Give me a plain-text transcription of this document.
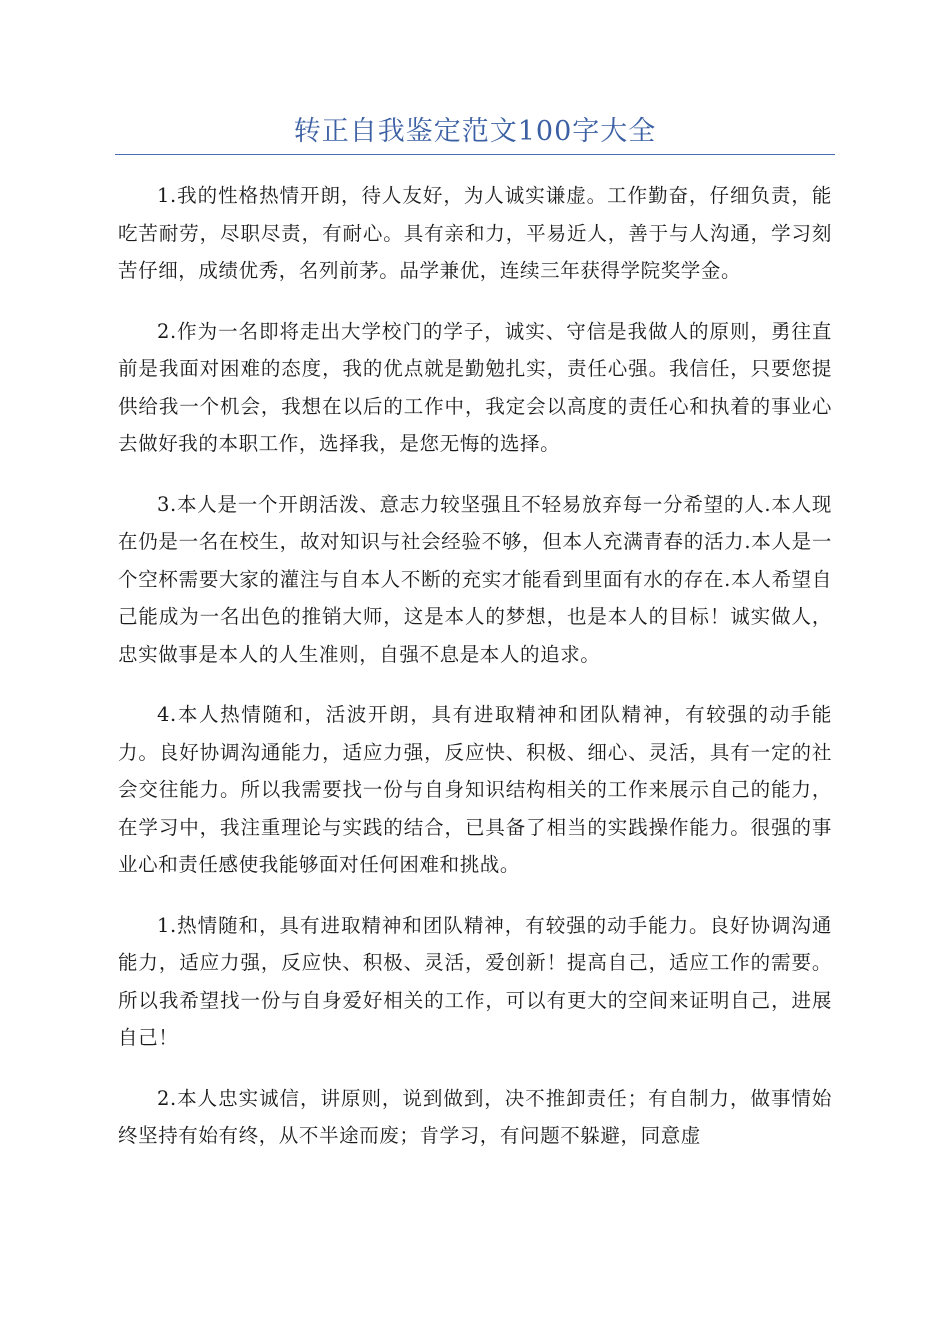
转正自我鉴定范文100字大全

1.我的性格热情开朗，待人友好，为人诚实谦虚。工作勤奋，仔细负责，能吃苦耐劳，尽职尽责，有耐心。具有亲和力，平易近人，善于与人沟通，学习刻苦仔细，成绩优秀，名列前茅。品学兼优，连续三年获得学院奖学金。

2.作为一名即将走出大学校门的学子，诚实、守信是我做人的原则，勇往直前是我面对困难的态度，我的优点就是勤勉扎实，责任心强。我信任，只要您提供给我一个机会，我想在以后的工作中，我定会以高度的责任心和执着的事业心去做好我的本职工作，选择我，是您无悔的选择。

3.本人是一个开朗活泼、意志力较坚强且不轻易放弃每一分希望的人.本人现在仍是一名在校生，故对知识与社会经验不够，但本人充满青春的活力.本人是一个空杯需要大家的灌注与自本人不断的充实才能看到里面有水的存在.本人希望自己能成为一名出色的推销大师，这是本人的梦想，也是本人的目标！诚实做人，忠实做事是本人的人生准则，自强不息是本人的追求。

4.本人热情随和，活波开朗，具有进取精神和团队精神，有较强的动手能力。良好协调沟通能力，适应力强，反应快、积极、细心、灵活，具有一定的社会交往能力。所以我需要找一份与自身知识结构相关的工作来展示自己的能力，在学习中，我注重理论与实践的结合，已具备了相当的实践操作能力。很强的事业心和责任感使我能够面对任何困难和挑战。

1.热情随和，具有进取精神和团队精神，有较强的动手能力。良好协调沟通能力，适应力强，反应快、积极、灵活，爱创新！提高自己，适应工作的需要。所以我希望找一份与自身爱好相关的工作，可以有更大的空间来证明自己，进展自己！

2.本人忠实诚信，讲原则，说到做到，决不推卸责任；有自制力，做事情始终坚持有始有终，从不半途而废；肯学习，有问题不躲避，同意虚
